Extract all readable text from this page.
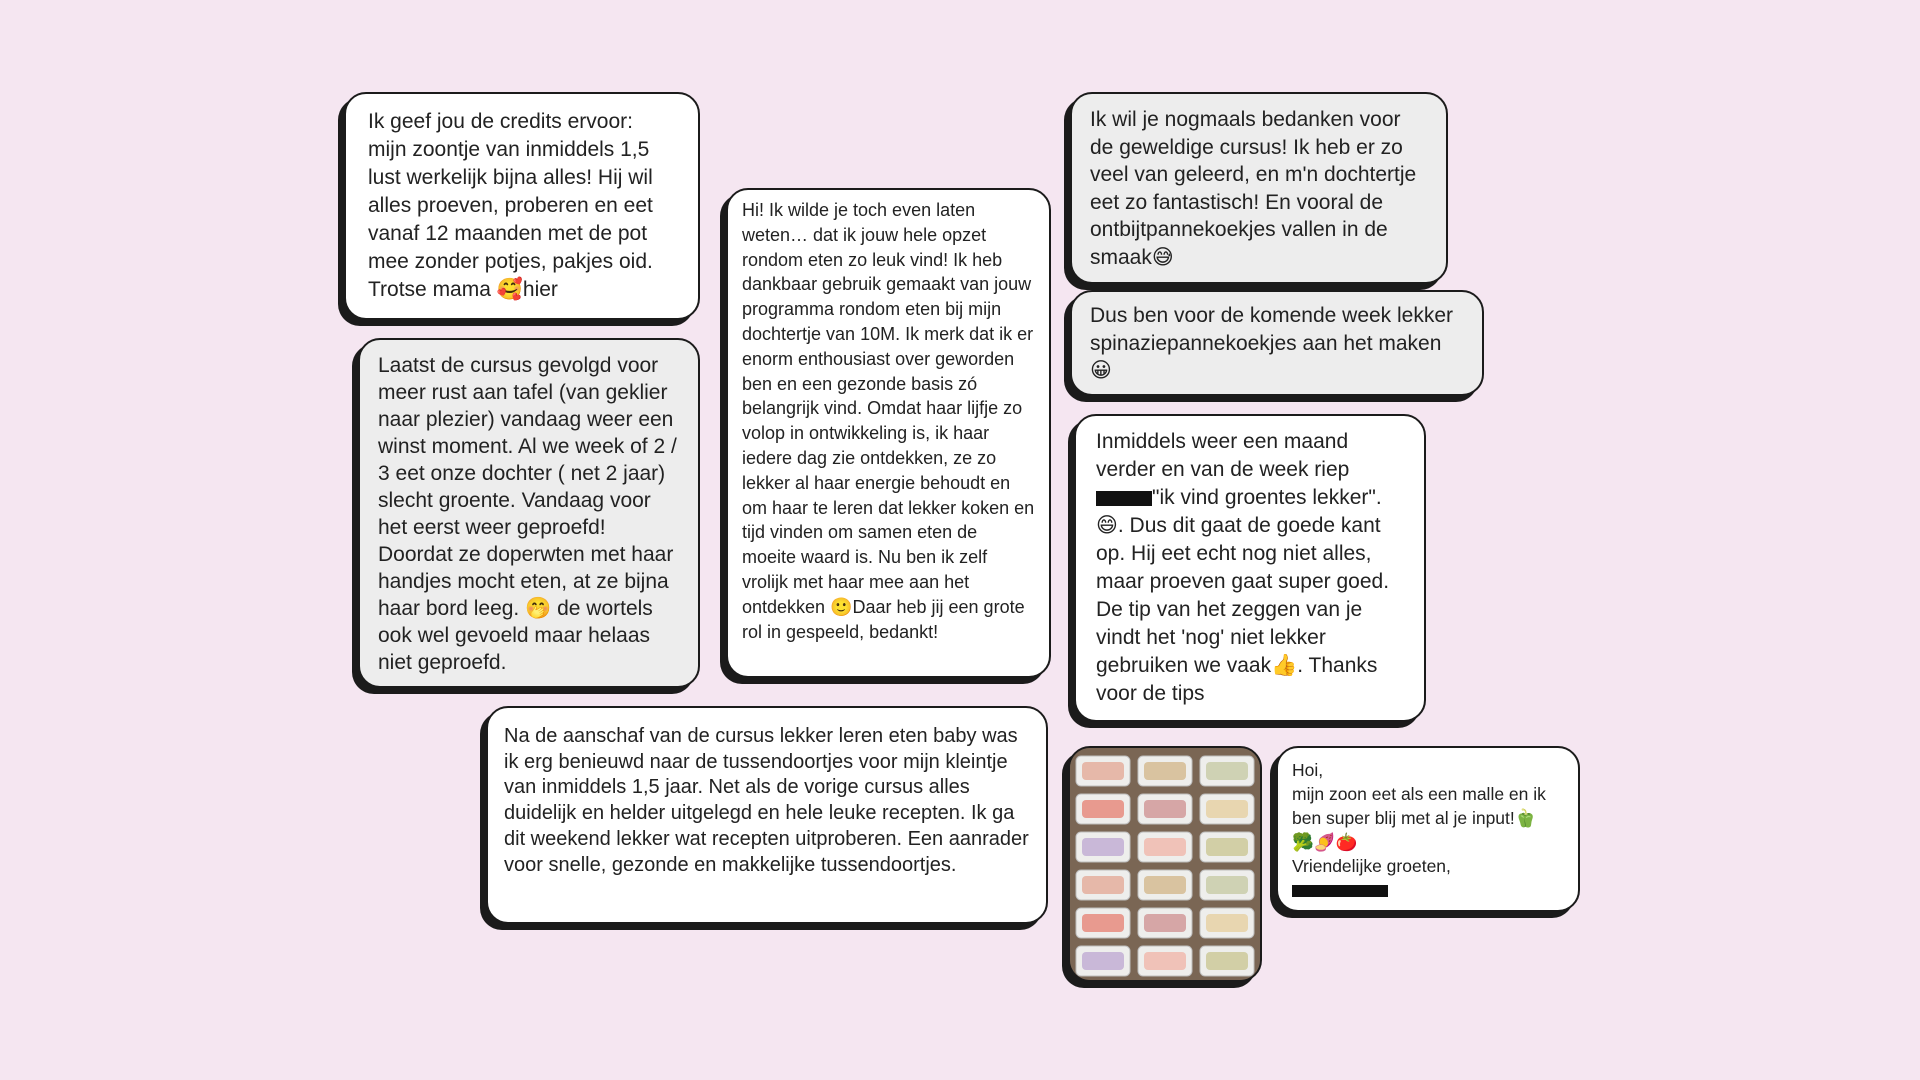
Ik geef jou de credits ervoor: mijn zoontje van inmiddels 1,5 lust werkelijk bijna alles! Hij wil alles proeven, proberen en eet vanaf 12 maanden met de pot mee zonder potjes, pakjes oid. Trotse mama 🥰hier
Laatst de cursus gevolgd voor meer rust aan tafel (van geklier naar plezier) vandaag weer een winst moment. Al we week of 2 / 3 eet onze dochter ( net 2 jaar) slecht groente. Vandaag voor het eerst weer geproefd! Doordat ze doperwten met haar handjes mocht eten, at ze bijna haar bord leeg. 🤭 de wortels ook wel gevoeld maar helaas niet geproefd.
Hi! Ik wilde je toch even laten weten… dat ik jouw hele opzet rondom eten zo leuk vind! Ik heb dankbaar gebruik gemaakt van jouw programma rondom eten bij mijn dochtertje van 10M. Ik merk dat ik er enorm enthousiast over geworden ben en een gezonde basis zó belangrijk vind. Omdat haar lijfje zo volop in ontwikkeling is, ik haar iedere dag zie ontdekken, ze zo lekker al haar energie behoudt en om haar te leren dat lekker koken en tijd vinden om samen eten de moeite waard is. Nu ben ik zelf vrolijk met haar mee aan het ontdekken 🙂Daar heb jij een grote rol in gespeeld, bedankt!
Ik wil je nogmaals bedanken voor de geweldige cursus! Ik heb er zo veel van geleerd, en m'n dochtertje eet zo fantastisch! En vooral de ontbijtpannekoekjes vallen in de smaak😅
Dus ben voor de komende week lekker spinaziepannekoekjes aan het maken 😀
Inmiddels weer een maand verder en van de week riep
"ik vind groentes lekker". 😄. Dus dit gaat de goede kant op. Hij eet echt nog niet alles, maar proeven gaat super goed. De tip van het zeggen van je vindt het 'nog' niet lekker gebruiken we vaak👍. Thanks voor de tips
Na de aanschaf van de cursus lekker leren eten baby was ik erg benieuwd naar de tussendoortjes voor mijn kleintje van inmiddels 1,5 jaar. Net als de vorige cursus alles duidelijk en helder uitgelegd en hele leuke recepten. Ik ga dit weekend lekker wat recepten uitproberen. Een aanrader voor snelle, gezonde en makkelijke tussendoortjes.
Hoi,
mijn zoon eet als een malle en ik ben super blij met al je input!🫑
🥦🍠🍅
Vriendelijke groeten,
